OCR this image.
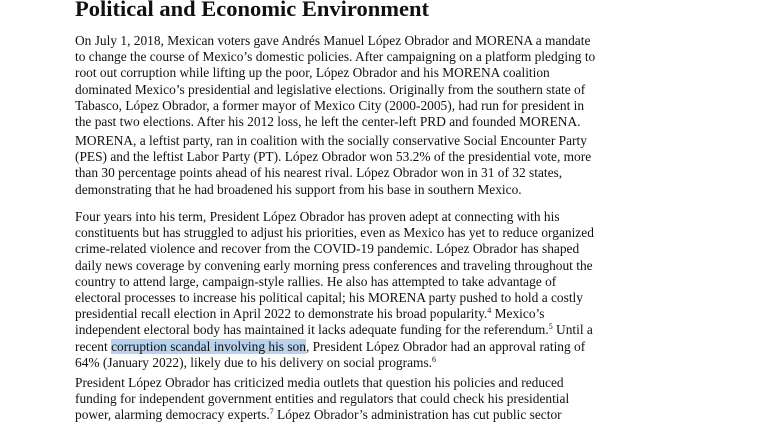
Political and Economic Environment

On July 1, 2018, Mexican voters gave Andrés Manuel López Obrador and MORENA a mandate
to change the course of Mexico’s domestic policies. After campaigning on a platform pledging to
root out corruption while lifting up the poor, López Obrador and his MORENA coalition
dominated Mexico’s presidential and legislative elections. Originally from the southern state of
Tabasco, López Obrador, a former mayor of Mexico City (2000-2005), had run for president in
the past two elections. After his 2012 loss, he left the center-left PRD and founded MORENA.

MORENA, a leftist party, ran in coalition with the socially conservative Social Encounter Party
(PES) and the leftist Labor Party (PT). López Obrador won 53.2% of the presidential vote, more
than 30 percentage points ahead of his nearest rival. López Obrador won in 31 of 32 states,
demonstrating that he had broadened his support from his base in southern Mexico.

Four years into his term, President López Obrador has proven adept at connecting with his
constituents but has struggled to adjust his priorities, even as Mexico has yet to reduce organized
crime-related violence and recover from the COVID-19 pandemic. López Obrador has shaped
daily news coverage by convening early morning press conferences and traveling throughout the
country to attend large, campaign-style rallies. He also has attempted to take advantage of
electoral processes to increase his political capital; his MORENA party pushed to hold a costly
presidential recall election in April 2022 to demonstrate his broad popularity.$^4$ Mexico’s
independent electoral body has maintained it lacks adequate funding for the referendum.$^5$ Until a
recent corruption scandal involving his son, President López Obrador had an approval rating of
64% (January 2022), likely due to his delivery on social programs.$^6$

President López Obrador has criticized media outlets that question his policies and reduced
funding for independent government entities and regulators that could check his presidential
power, alarming democracy experts.$^7$ López Obrador’s administration has cut public sector
